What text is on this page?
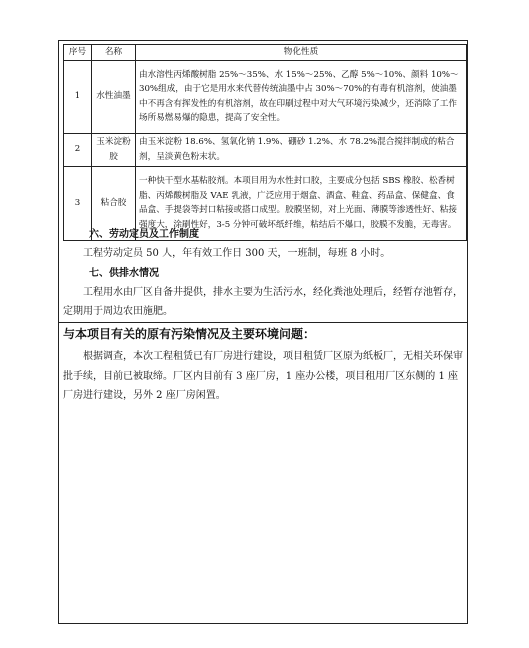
序号	名称	物化性质
1	水性油墨	由水溶性丙烯酸树脂 25%～35%、水 15%～25%、乙醇 5%～10%、颜料 10%～30%组成，由于它是用水来代替传统油墨中占 30%～70%的有毒有机溶剂，使油墨中不再含有挥发性的有机溶剂，故在印刷过程中对大气环境污染减少，还消除了工作场所易燃易爆的隐患，提高了安全性。
2	玉米淀粉胶	由玉米淀粉 18.6%、氢氧化钠 1.9%、硼砂 1.2%、水 78.2%混合搅拌制成的粘合剂，呈淡黄色粉末状。
3	粘合胶	一种快干型水基粘胶剂。本项目用为水性封口胶，主要成分包括 SBS 橡胶、松香树脂、丙烯酸树脂及 VAE 乳液，广泛应用于烟盒、酒盒、鞋盒、药品盒、保健盒、食品盒、手提袋等封口粘接或搭口成型。胶膜坚韧，对上光面、薄膜等渗透性好、粘接强度大，涂刷性好，3-5 分钟可破坏纸纤维，粘结后不爆口，胶膜不发脆，无毒害。
六、劳动定员及工作制度
工程劳动定员 50 人，年有效工作日 300 天，一班制，每班 8 小时。
七、供排水情况
工程用水由厂区自备井提供，排水主要为生活污水，经化粪池处理后，经暂存池暂存，定期用于周边农田施肥。
与本项目有关的原有污染情况及主要环境问题：
根据调查，本次工程租赁已有厂房进行建设，项目租赁厂区原为纸板厂，无相关环保审批手续，目前已被取缔。厂区内目前有 3 座厂房，1 座办公楼，项目租用厂区东侧的 1 座厂房进行建设，另外 2 座厂房闲置。
